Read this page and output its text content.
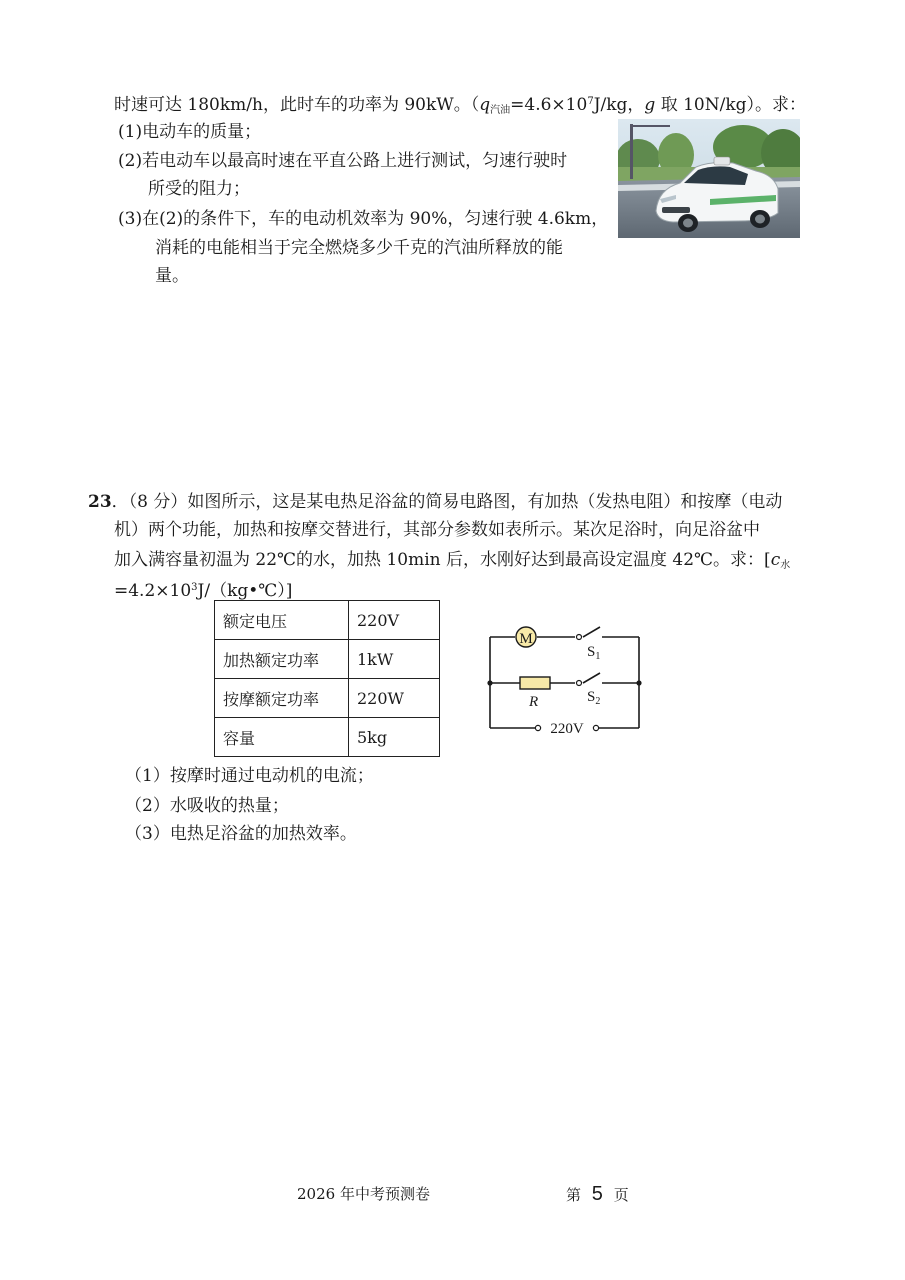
时速可达 180km/h，此时车的功率为 90kW。（$q_{汽油}=4.6\times 10^7J/kg$，g 取 10N/kg）。求：
(1)电动车的质量；
(2)若电动车以最高时速在平直公路上进行测试，匀速行驶时
所受的阻力；
(3)在(2)的条件下，车的电动机效率为 90%，匀速行驶 4.6km，
消耗的电能相当于完全燃烧多少千克的汽油所释放的能
量。
23．（8 分）如图所示，这是某电热足浴盆的简易电路图，有加热（发热电阻）和按摩（电动
机）两个功能，加热和按摩交替进行，其部分参数如表所示。某次足浴时，向足浴盆中
加入满容量初温为 22℃的水，加热 10min 后，水刚好达到最高设定温度 42℃。求：[$c_水$
$=4.2\times 10^3J/(kg•℃)$]
额定电压	220V
加热额定功率	1kW
按摩额定功率	220W
容量	5kg
M
$S_1$
R	$S_2$
220V
（1）按摩时通过电动机的电流；
（2）水吸收的热量；
（3）电热足浴盆的加热效率。
2026 年中考预测卷	第 5 页
